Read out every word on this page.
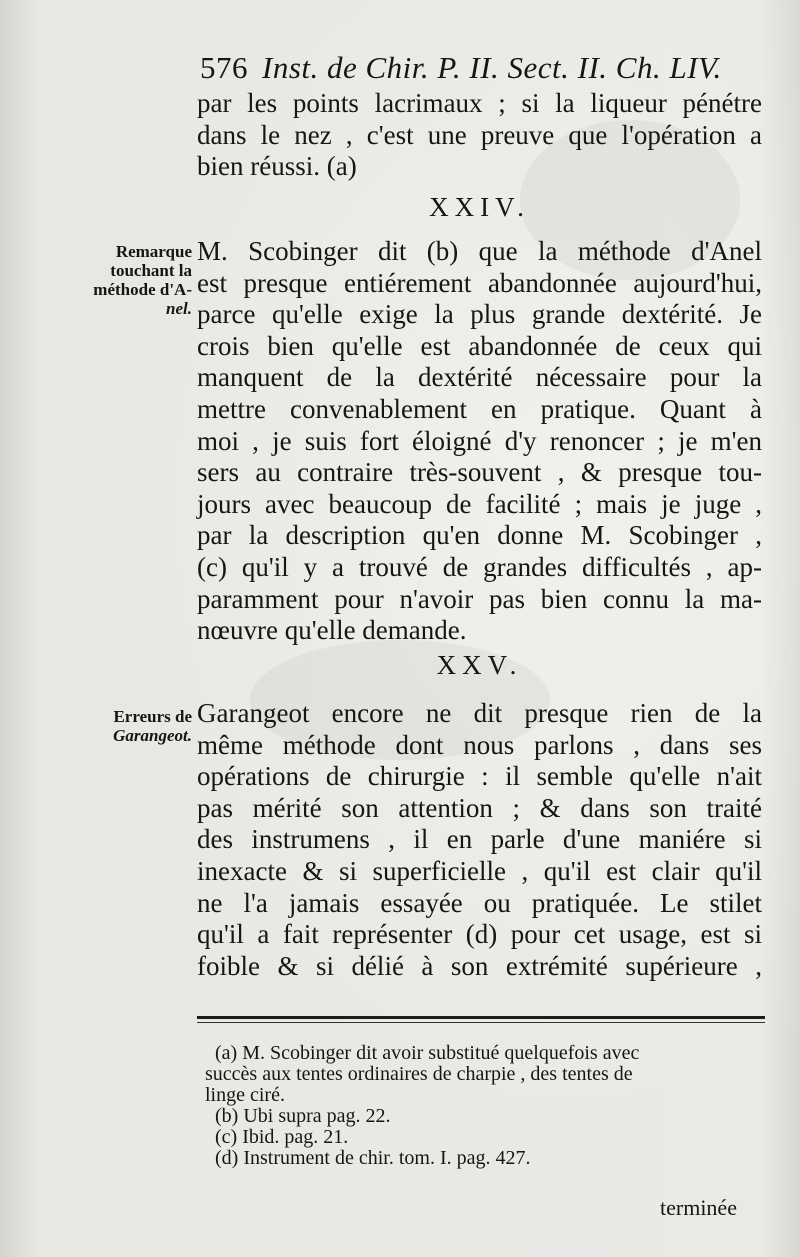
576 Inst. de Chir. P. II. Sect. II. Ch. LIV.
par les points lacrimaux ; si la liqueur pénétre
dans le nez , c'est une preuve que l'opération a
bien réussi. (a)
XXIV.
Remarque
touchant la
méthode d'A-
nel.
M. Scobinger dit (b) que la méthode d'Anel
est presque entiérement abandonnée aujourd'hui,
parce qu'elle exige la plus grande dextérité. Je
crois bien qu'elle est abandonnée de ceux qui
manquent de la dextérité nécessaire pour la
mettre convenablement en pratique. Quant à
moi , je suis fort éloigné d'y renoncer ; je m'en
sers au contraire très-souvent , & presque tou-
jours avec beaucoup de facilité ; mais je juge ,
par la description qu'en donne M. Scobinger ,
(c) qu'il y a trouvé de grandes difficultés , ap-
paramment pour n'avoir pas bien connu la ma-
nœuvre qu'elle demande.
XXV.
Erreurs de
Garangeot.
Garangeot encore ne dit presque rien de la
même méthode dont nous parlons , dans ses
opérations de chirurgie : il semble qu'elle n'ait
pas mérité son attention ; & dans son traité
des instrumens , il en parle d'une maniére si
inexacte & si superficielle , qu'il est clair qu'il
ne l'a jamais essayée ou pratiquée. Le stilet
qu'il a fait représenter (d) pour cet usage, est si
foible & si délié à son extrémité supérieure ,
(a) M. Scobinger dit avoir substitué quelquefois avec
succès aux tentes ordinaires de charpie , des tentes de
linge ciré.
(b) Ubi supra pag. 22.
(c) Ibid. pag. 21.
(d) Instrument de chir. tom. I. pag. 427.
terminée
